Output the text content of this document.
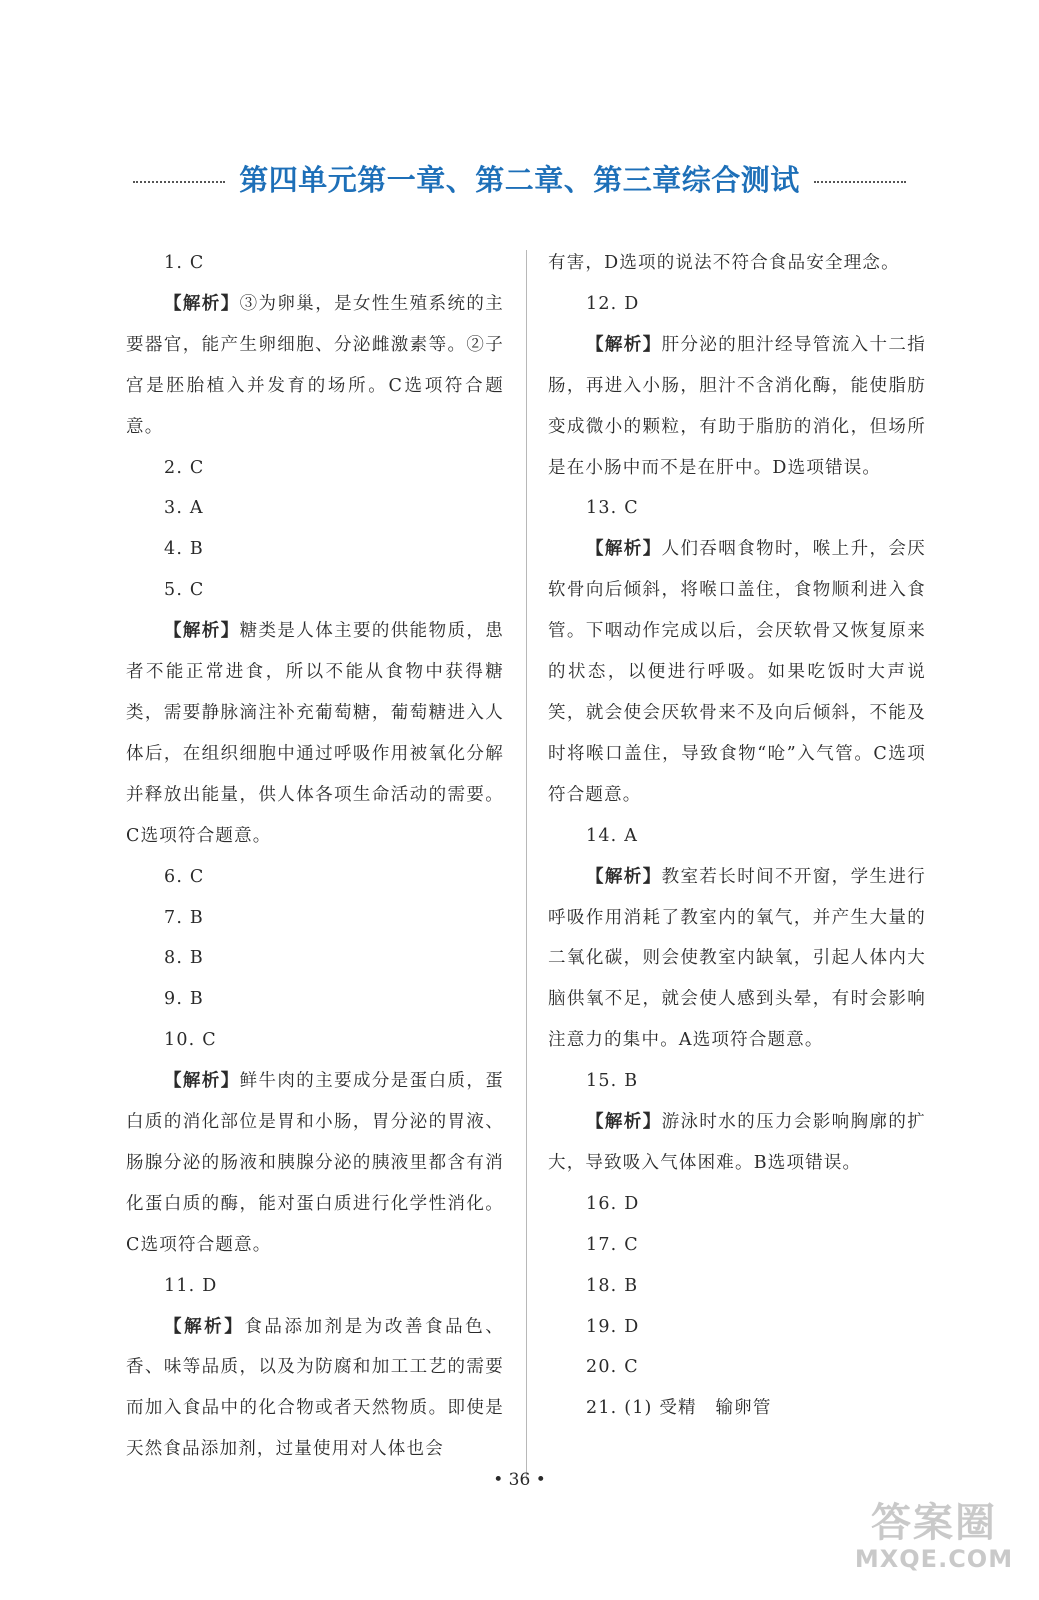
第四单元第一章、第二章、第三章综合测试
1. C
【解析】③为卵巢，是女性生殖系统的主要器官，能产生卵细胞、分泌雌激素等。②子宫是胚胎植入并发育的场所。C选项符合题意。
2. C
3. A
4. B
5. C
【解析】糖类是人体主要的供能物质，患者不能正常进食，所以不能从食物中获得糖类，需要静脉滴注补充葡萄糖，葡萄糖进入人体后，在组织细胞中通过呼吸作用被氧化分解并释放出能量，供人体各项生命活动的需要。C选项符合题意。
6. C
7. B
8. B
9. B
10. C
【解析】鲜牛肉的主要成分是蛋白质，蛋白质的消化部位是胃和小肠，胃分泌的胃液、肠腺分泌的肠液和胰腺分泌的胰液里都含有消化蛋白质的酶，能对蛋白质进行化学性消化。C选项符合题意。
11. D
【解析】食品添加剂是为改善食品色、香、味等品质，以及为防腐和加工工艺的需要而加入食品中的化合物或者天然物质。即使是天然食品添加剂，过量使用对人体也会
有害，D选项的说法不符合食品安全理念。
12. D
【解析】肝分泌的胆汁经导管流入十二指肠，再进入小肠，胆汁不含消化酶，能使脂肪变成微小的颗粒，有助于脂肪的消化，但场所是在小肠中而不是在肝中。D选项错误。
13. C
【解析】人们吞咽食物时，喉上升，会厌软骨向后倾斜，将喉口盖住，食物顺利进入食管。下咽动作完成以后，会厌软骨又恢复原来的状态，以便进行呼吸。如果吃饭时大声说笑，就会使会厌软骨来不及向后倾斜，不能及时将喉口盖住，导致食物“呛”入气管。C选项符合题意。
14. A
【解析】教室若长时间不开窗，学生进行呼吸作用消耗了教室内的氧气，并产生大量的二氧化碳，则会使教室内缺氧，引起人体内大脑供氧不足，就会使人感到头晕，有时会影响注意力的集中。A选项符合题意。
15. B
【解析】游泳时水的压力会影响胸廓的扩大，导致吸入气体困难。B选项错误。
16. D
17. C
18. B
19. D
20. C
21. (1) 受精　输卵管
• 36 •
答案圈
MXQE.COM
